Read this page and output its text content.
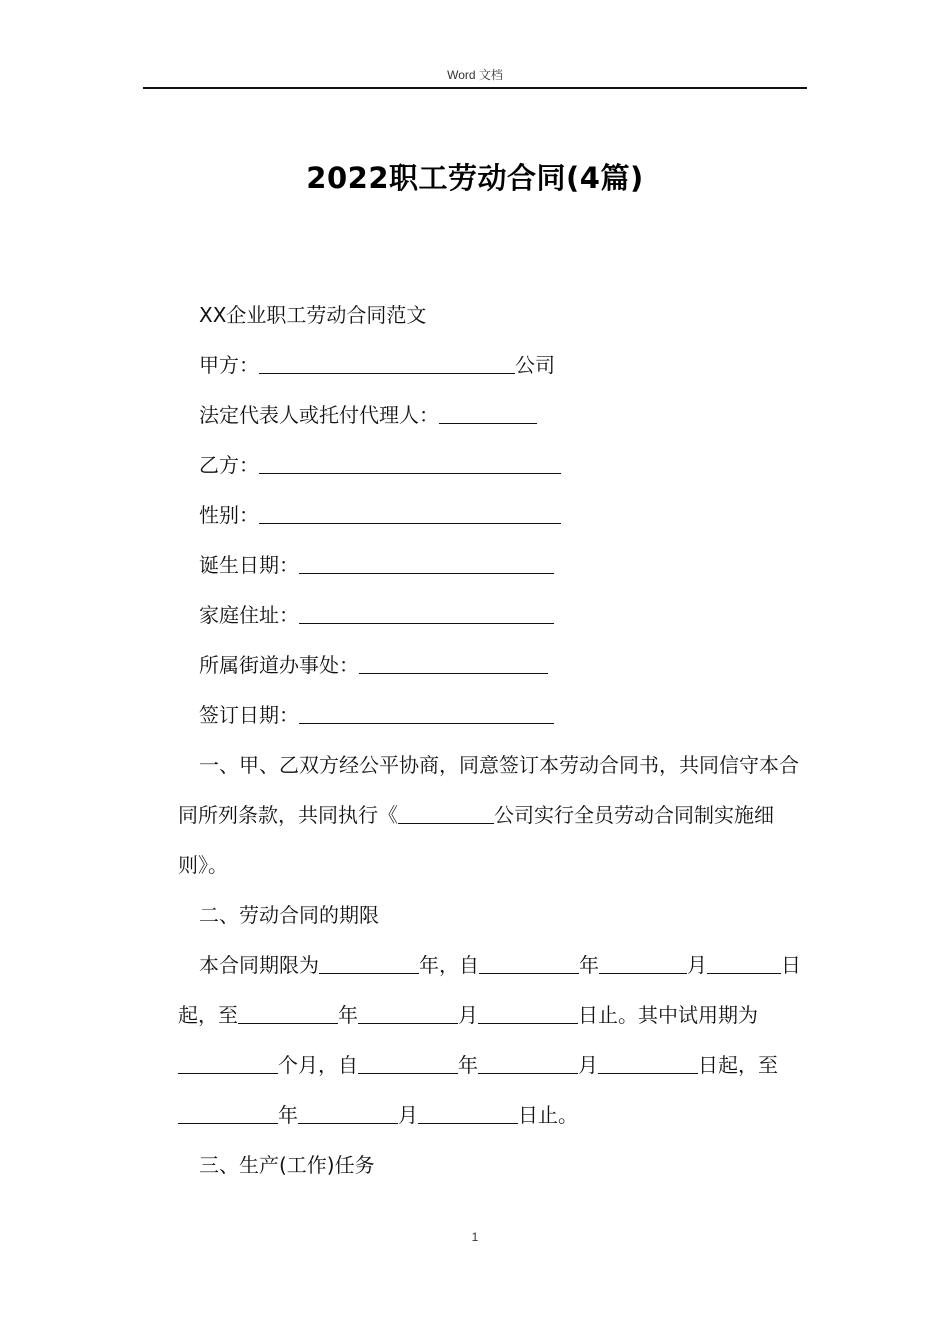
Word 文档
2022职工劳动合同(4篇)

XX企业职工劳动合同范文

甲方：	公司

法定代表人或托付代理人：

乙方：

性别：

诞生日期：

家庭住址：

所属街道办事处：

签订日期：

一、甲、乙双方经公平协商，同意签订本劳动合同书，共同信守本合同所列条款，共同执行《	公司实行全员劳动合同制实施细则》。

二、劳动合同的期限

本合同期限为	年，自	年	月	日起，至	年	月	日止。其中试用期为个月，自	年	月	日起，至年	月	日止。

三、生产(工作)任务

1
